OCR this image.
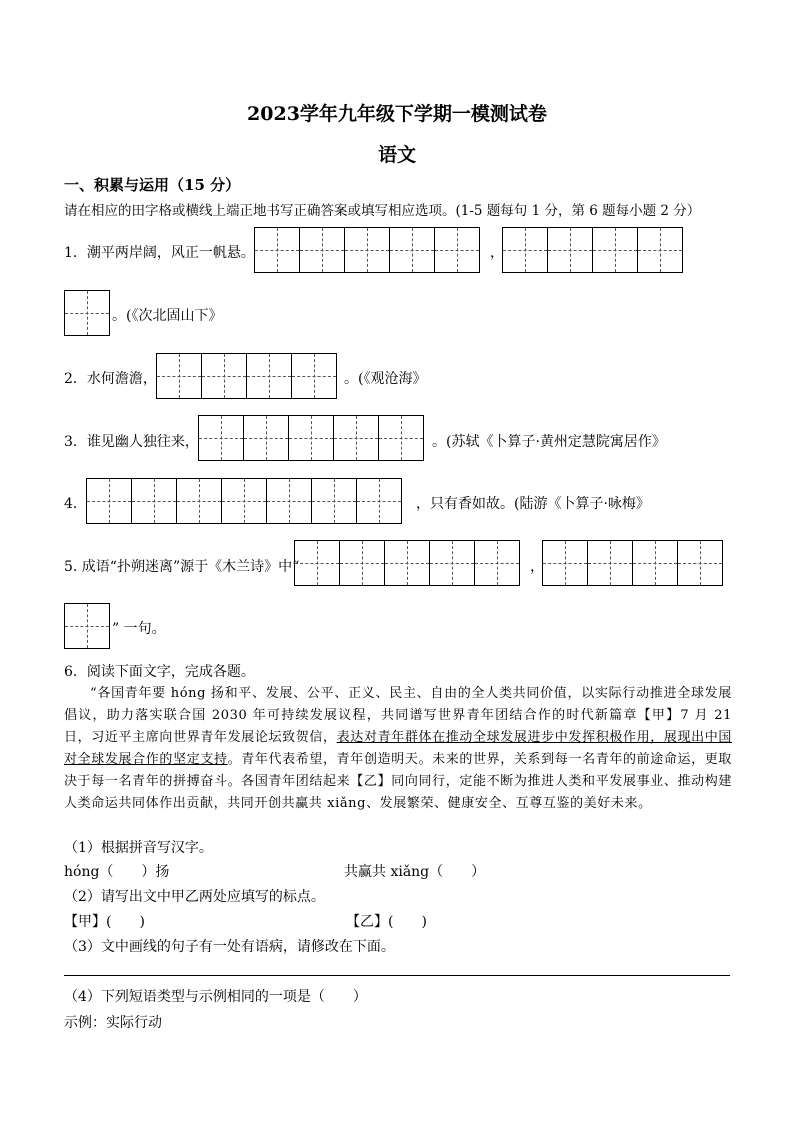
2023学年九年级下学期一模测试卷
语文
一、积累与运用（15 分）
请在相应的田字格或横线上端正地书写正确答案或填写相应选项。(1-5 题每句 1 分，第 6 题每小题 2 分）
1．潮平两岸阔，风正一帆悬。	，
。(《次北固山下》
2．水何澹澹，	。(《观沧海》
3．谁见幽人独往来，	。(苏轼《卜算子·黄州定慧院寓居作》
4．	，只有香如故。(陆游《卜算子·咏梅》
5. 成语“扑朔迷离”源于《木兰诗》中“	，
” 一句。
6．阅读下面文字，完成各题。

“各国青年要 hóng 扬和平、发展、公平、正义、民主、自由的全人类共同价值，以实际行动推进全球发展倡议，助力落实联合国 2030 年可持续发展议程，共同谱写世界青年团结合作的时代新篇章【甲】7 月 21 日，习近平主席向世界青年发展论坛致贺信，表达对青年群体在推动全球发展进步中发挥积极作用，展现出中国对全球发展合作的坚定支持。青年代表希望，青年创造明天。未来的世界，关系到每一名青年的前途命运，更取决于每一名青年的拼搏奋斗。各国青年团结起来【乙】同向同行，定能不断为推进人类和平发展事业、推动构建人类命运共同体作出贡献，共同开创共赢共 xiǎng、发展繁荣、健康安全、互尊互鉴的美好未来。

（1）根据拼音写汉字。
hóng（　　）扬	共赢共 xiǎng（　　）
（2）请写出文中甲乙两处应填写的标点。
【甲】(　　)	【乙】(　　)
（3）文中画线的句子有一处有语病，请修改在下面。
（4）下列短语类型与示例相同的一项是（　　）
示例：实际行动
